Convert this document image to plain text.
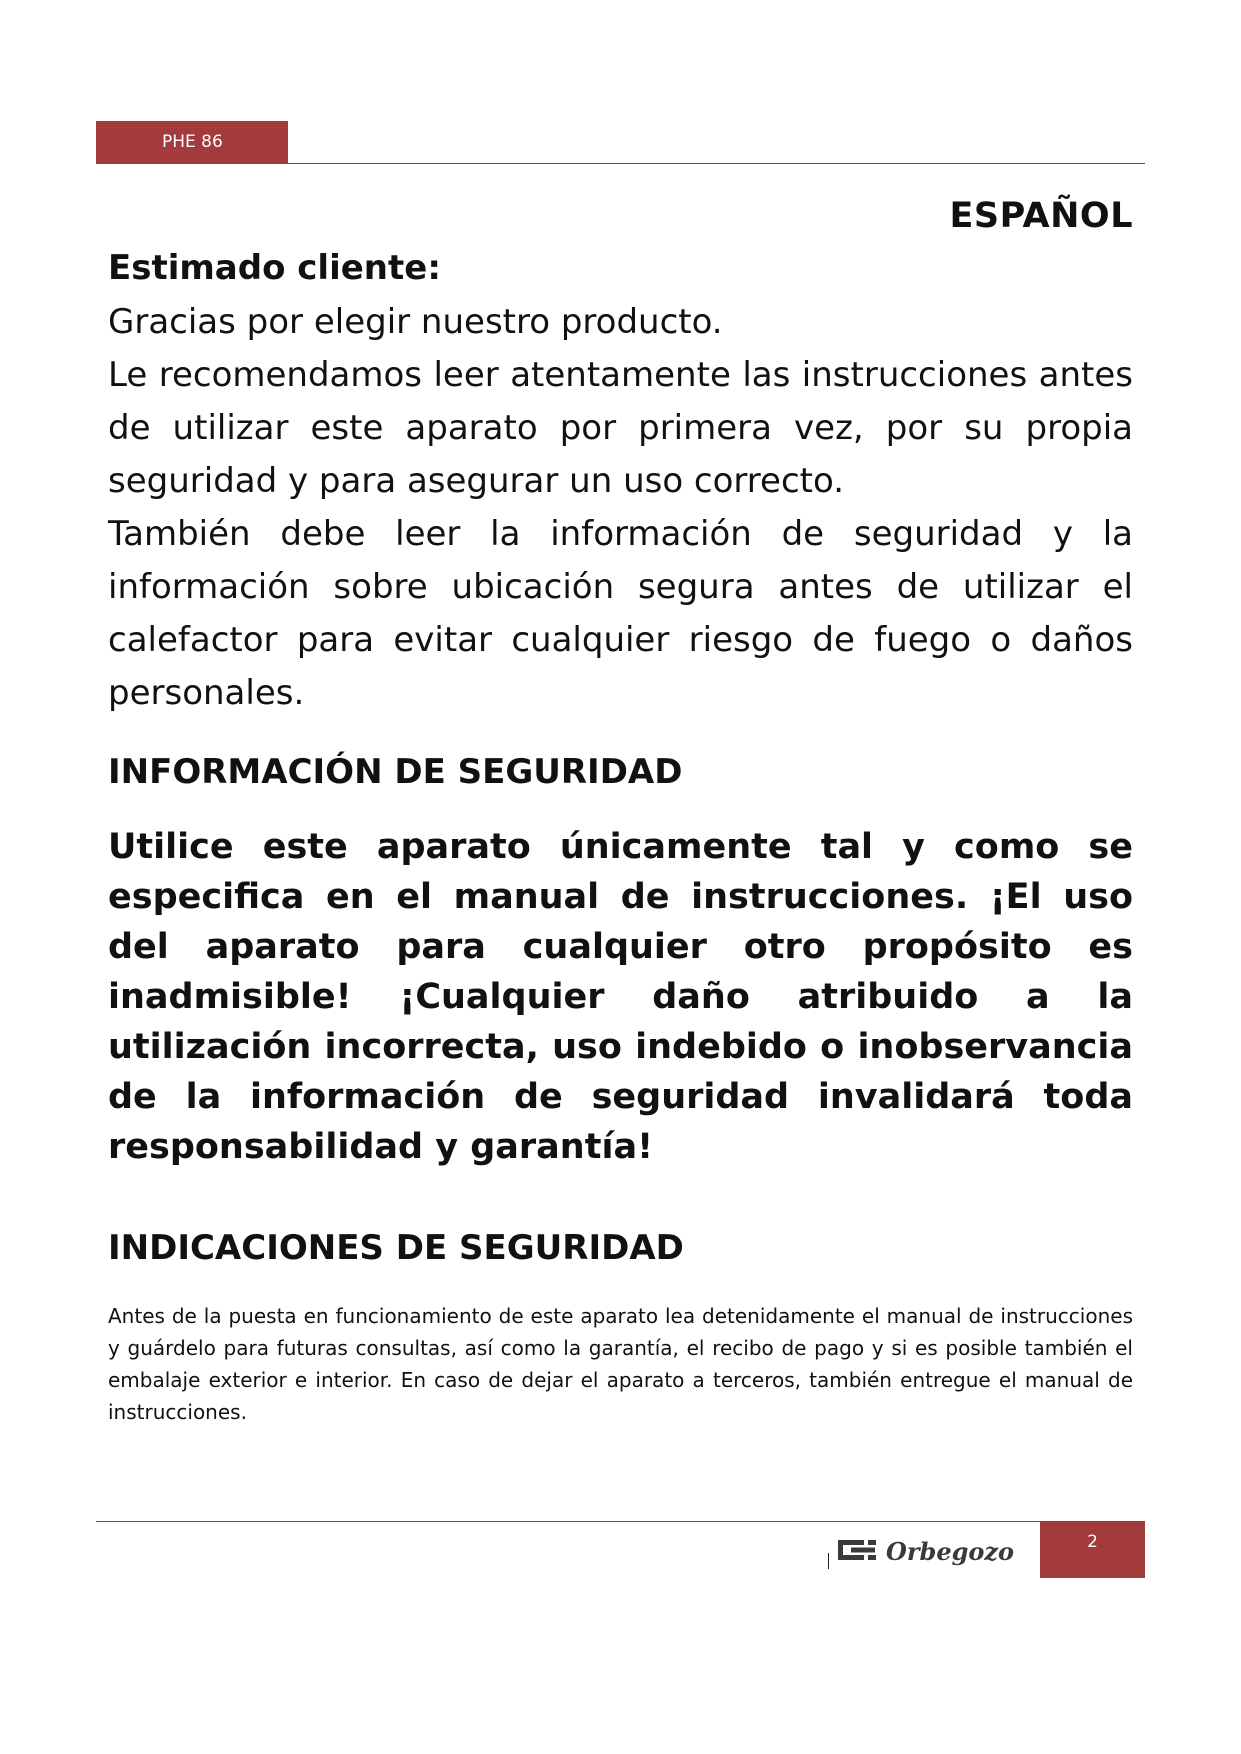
PHE 86
ESPAÑOL
Estimado cliente:

Gracias por elegir nuestro producto.

Le recomendamos leer atentamente las instrucciones antes de utilizar este aparato por primera vez, por su propia seguridad y para asegurar un uso correcto.

También debe leer la información de seguridad y la información sobre ubicación segura antes de utilizar el calefactor para evitar cualquier riesgo de fuego o daños personales.

INFORMACIÓN DE SEGURIDAD
Utilice este aparato únicamente tal y como se especifica en el manual de instrucciones. ¡El uso del aparato para cualquier otro propósito es inadmisible! ¡Cualquier daño atribuido a la utilización incorrecta, uso indebido o inobservancia de la información de seguridad invalidará toda responsabilidad y garantía!
INDICACIONES DE SEGURIDAD
Antes de la puesta en funcionamiento de este aparato lea detenidamente el manual de instrucciones y guárdelo para futuras consultas, así como la garantía, el recibo de pago y si es posible también el embalaje exterior e interior. En caso de dejar el aparato a terceros, también entregue el manual de instrucciones.
Orbegozo	2
